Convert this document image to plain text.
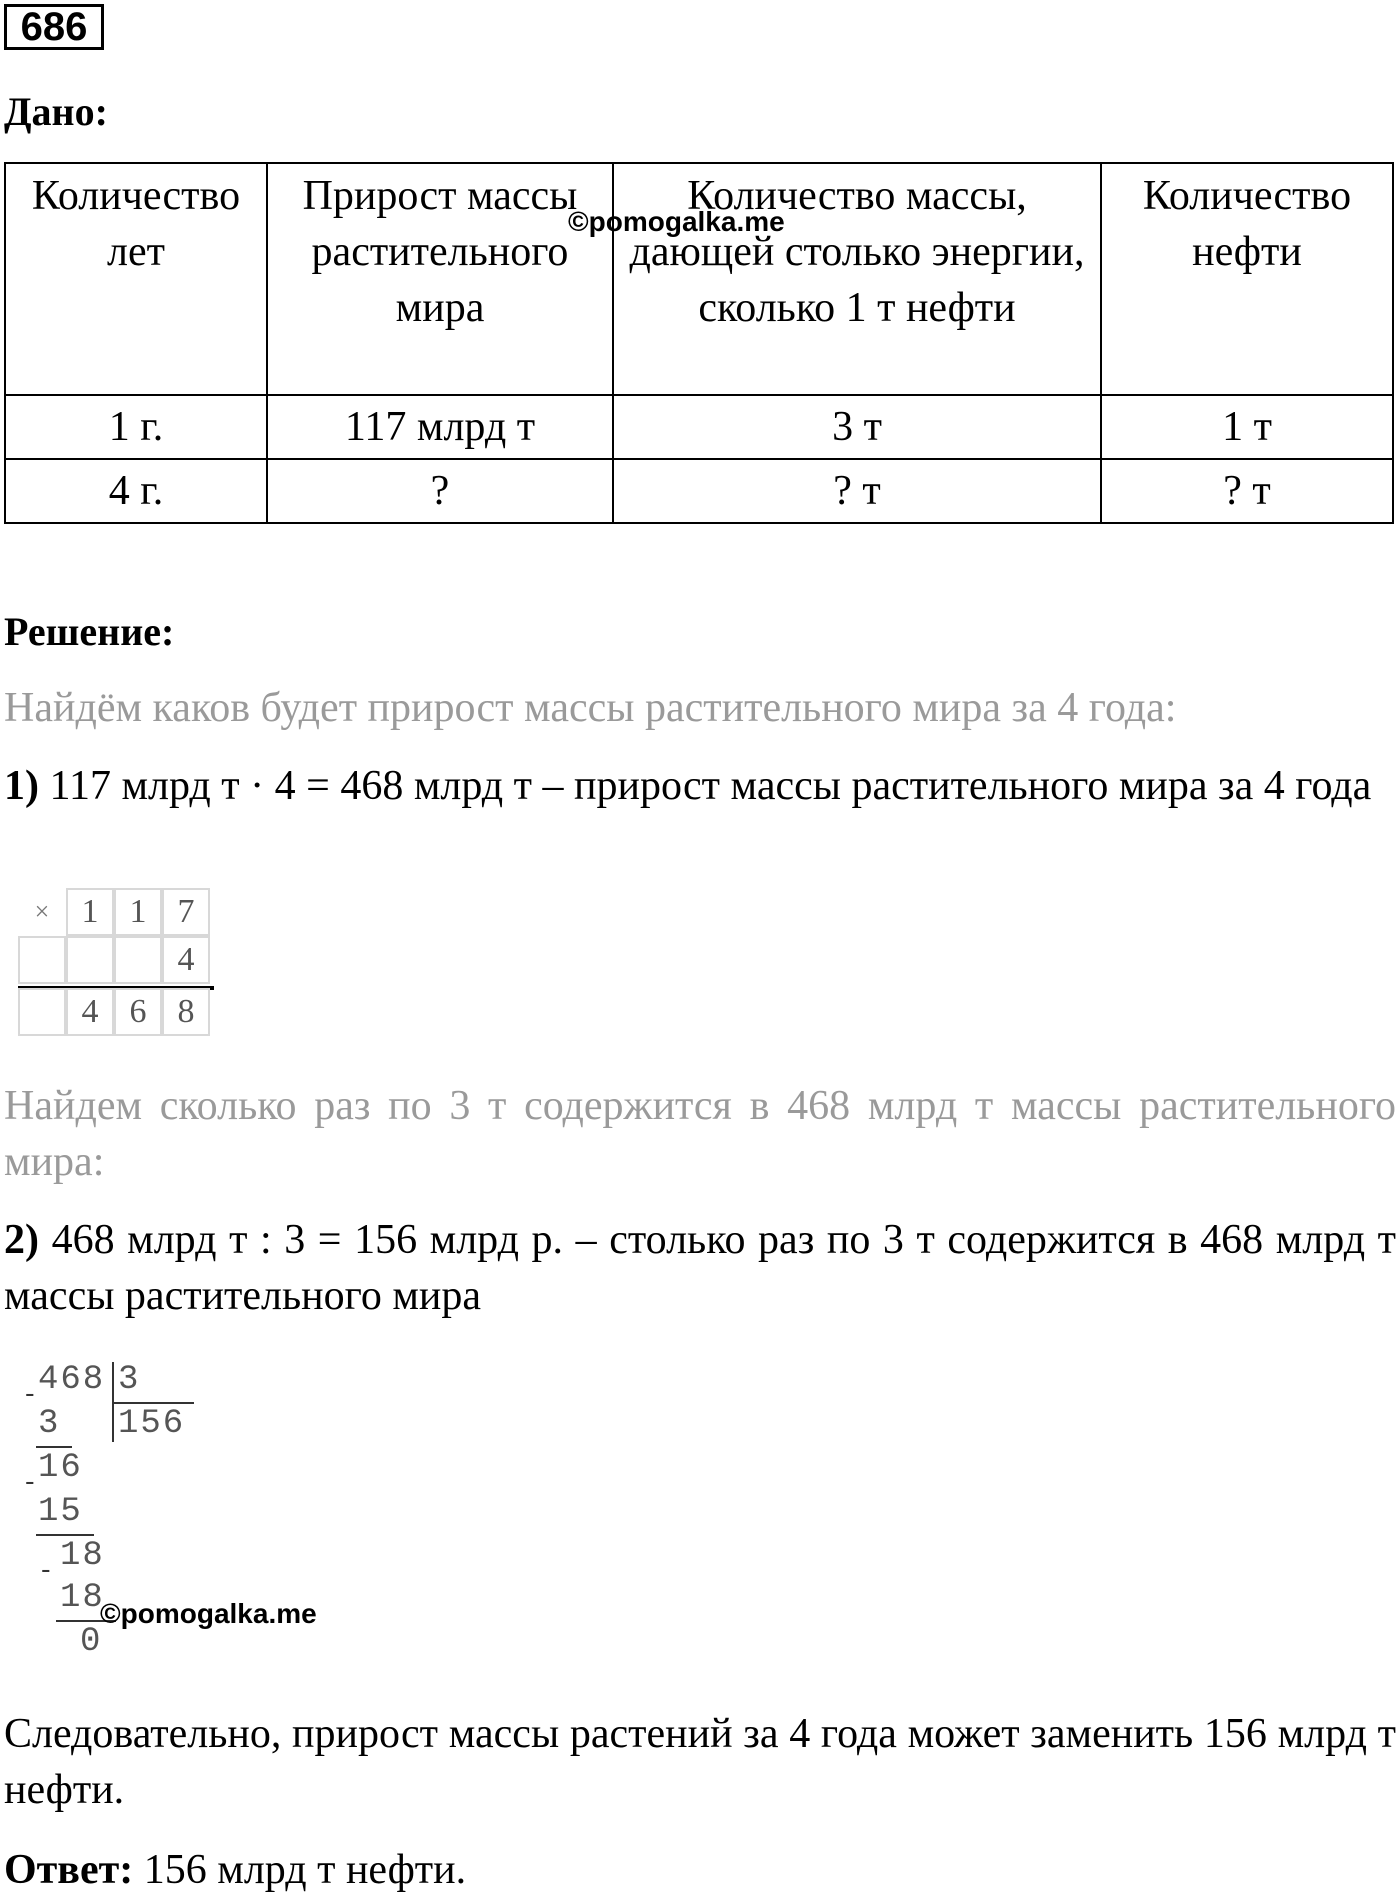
686
Дано:
Количество лет	Прирост массы растительного мира	Количество массы, дающей столько энергии, сколько 1 т нефти	Количество нефти
1 г.	117 млрд т	3 т	1 т
4 г.	?	? т	? т
©pomogalka.me
Решение:
Найдём каков будет прирост массы растительного мира за 4 года:
1) 117 млрд т · 4 = 468 млрд т – прирост массы растительного мира за 4 года
× 1 1 7
4
4 6 8
Найдем сколько раз по 3 т содержится в 468 млрд т массы растительного мира:
2) 468 млрд т : 3 = 156 млрд р. – столько раз по 3 т содержится в 468 млрд т массы растительного мира
468 3
156
-
3
16
-
15
18
-
18
0
©pomogalka.me
Следовательно, прирост массы растений за 4 года может заменить 156 млрд т нефти.
Ответ: 156 млрд т нефти.
